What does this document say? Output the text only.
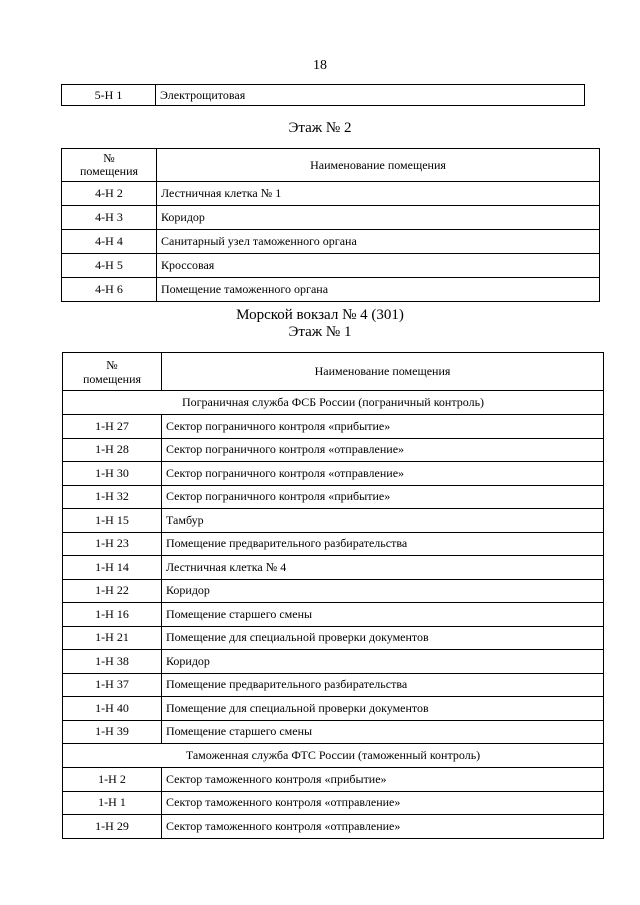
18
5-Н 1	Электрощитовая
Этаж № 2
№
помещения	Наименование помещения
4-Н 2	Лестничная клетка № 1
4-Н 3	Коридор
4-Н 4	Санитарный узел таможенного органа
4-Н 5	Кроссовая
4-Н 6	Помещение таможенного органа
Морской вокзал № 4 (301)
Этаж № 1
№
помещения	Наименование помещения
Пограничная служба ФСБ России (пограничный контроль)	
1-Н 27	Сектор пограничного контроля «прибытие»
1-Н 28	Сектор пограничного контроля «отправление»
1-Н 30	Сектор пограничного контроля «отправление»
1-Н 32	Сектор пограничного контроля «прибытие»
1-Н 15	Тамбур
1-Н 23	Помещение предварительного разбирательства
1-Н 14	Лестничная клетка № 4
1-Н 22	Коридор
1-Н 16	Помещение старшего смены
1-Н 21	Помещение для специальной проверки документов
1-Н 38	Коридор
1-Н 37	Помещение предварительного разбирательства
1-Н 40	Помещение для специальной проверки документов
1-Н 39	Помещение старшего смены
Таможенная служба ФТС России (таможенный контроль)	
1-Н 2	Сектор таможенного контроля «прибытие»
1-Н 1	Сектор таможенного контроля «отправление»
1-Н 29	Сектор таможенного контроля «отправление»
